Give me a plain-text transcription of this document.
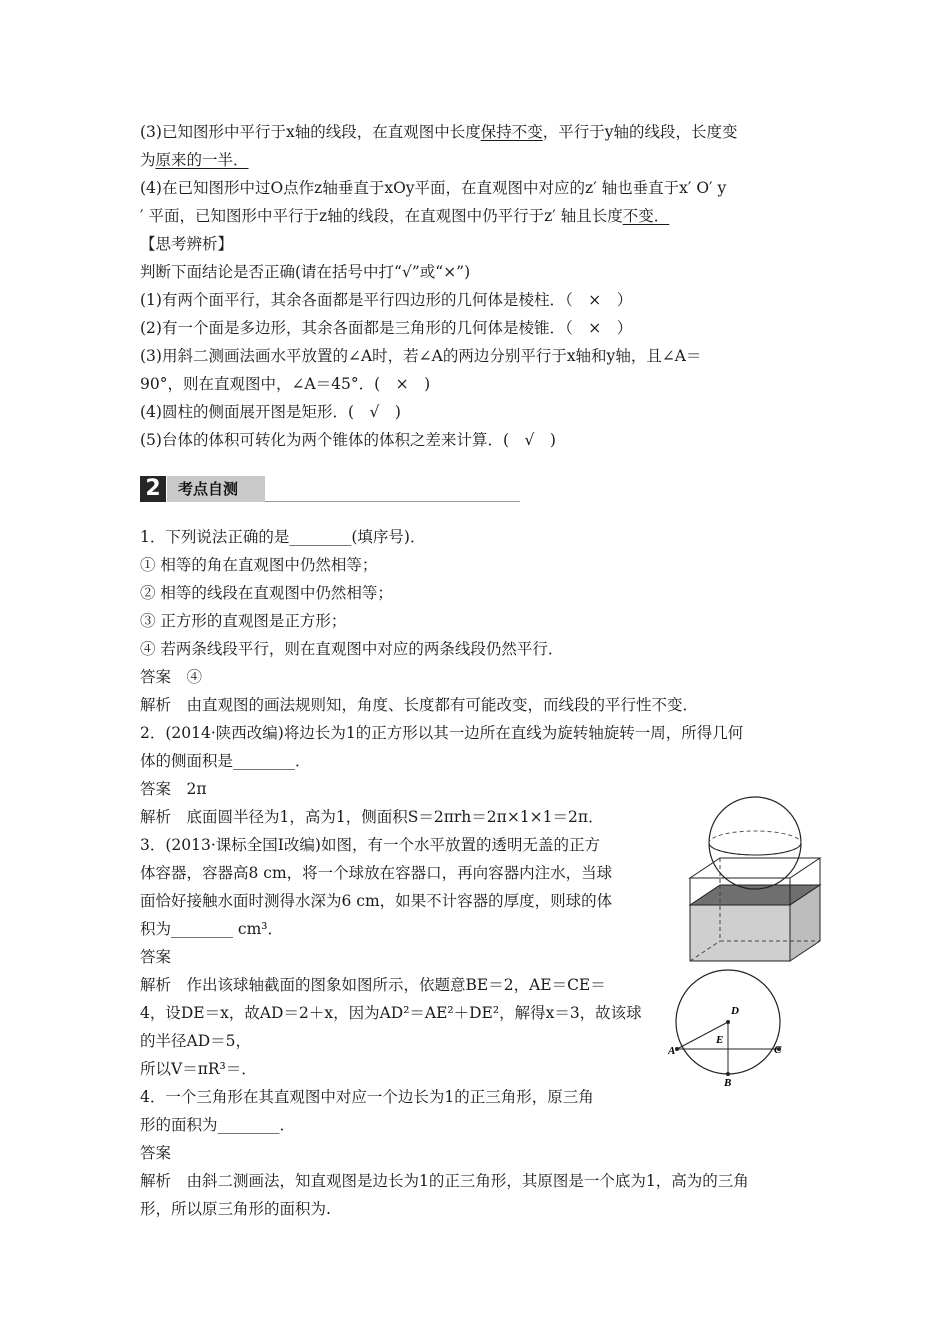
(3)已知图形中平行于x轴的线段，在直观图中长度保持不变，平行于y轴的线段，长度变
为原来的一半．
(4)在已知图形中过O点作z轴垂直于xOy平面，在直观图中对应的z′ 轴也垂直于x′ O′ y
′ 平面，已知图形中平行于z轴的线段，在直观图中仍平行于z′ 轴且长度不变．
【思考辨析】
判断下面结论是否正确(请在括号中打“√”或“×”)
(1)有两个面平行，其余各面都是平行四边形的几何体是棱柱．（　×　）
(2)有一个面是多边形，其余各面都是三角形的几何体是棱锥．（　×　）
(3)用斜二测画法画水平放置的∠A时，若∠A的两边分别平行于x轴和y轴，且∠A＝
90°，则在直观图中，∠A＝45°．(　×　)
(4)圆柱的侧面展开图是矩形．(　√　)
(5)台体的体积可转化为两个锥体的体积之差来计算．(　√　)
2	考点自测
1．下列说法正确的是________(填序号)．
① 相等的角在直观图中仍然相等；
② 相等的线段在直观图中仍然相等；
③ 正方形的直观图是正方形；
④ 若两条线段平行，则在直观图中对应的两条线段仍然平行．
答案　④
解析　由直观图的画法规则知，角度、长度都有可能改变，而线段的平行性不变．
2．(2014·陕西改编)将边长为1的正方形以其一边所在直线为旋转轴旋转一周，所得几何
体的侧面积是________．
答案　2π
解析　底面圆半径为1，高为1，侧面积S＝2πrh＝2π×1×1＝2π．
3．(2013·课标全国Ⅰ改编)如图，有一个水平放置的透明无盖的正方
体容器，容器高8 cm，将一个球放在容器口，再向容器内注水，当球
面恰好接触水面时测得水深为6 cm，如果不计容器的厚度，则球的体
积为________ cm³．
答案
解析　作出该球轴截面的图象如图所示，依题意BE＝2，AE＝CE＝
4，设DE＝x，故AD＝2＋x，因为AD²＝AE²＋DE²，解得x＝3，故该球
的半径AD＝5，
所以V＝πR³＝．
4．一个三角形在其直观图中对应一个边长为1的正三角形，原三角
形的面积为________．
答案
解析　由斜二测画法，知直观图是边长为1的正三角形，其原图是一个底为1，高为的三角
形，所以原三角形的面积为.
D
E
A	C
B
